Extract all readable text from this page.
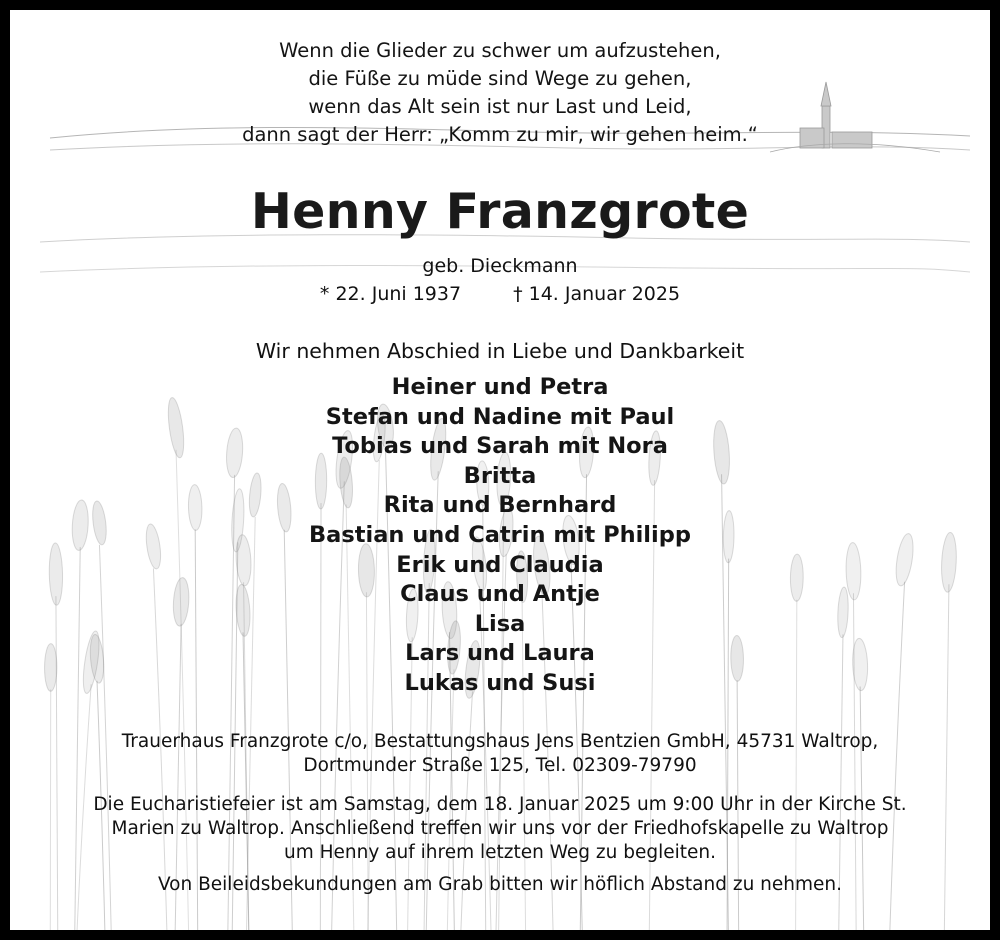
Wenn die Glieder zu schwer um aufzustehen,
die Füße zu müde sind Wege zu gehen,
wenn das Alt sein ist nur Last und Leid,
dann sagt der Herr: „Komm zu mir, wir gehen heim.“
Henny Franzgrote
geb. Dieckmann
* 22. Juni 1937	† 14. Januar 2025
Wir nehmen Abschied in Liebe und Dankbarkeit
Heiner und Petra
Stefan und Nadine mit Paul
Tobias und Sarah mit Nora
Britta
Rita und Bernhard
Bastian und Catrin mit Philipp
Erik und Claudia
Claus und Antje
Lisa
Lars und Laura
Lukas und Susi
Trauerhaus Franzgrote c/o, Bestattungshaus Jens Bentzien GmbH, 45731 Waltrop,
Dortmunder Straße 125, Tel. 02309-79790
Die Eucharistiefeier ist am Samstag, dem 18. Januar 2025 um 9:00 Uhr in der Kirche St.
Marien zu Waltrop. Anschließend treffen wir uns vor der Friedhofskapelle zu Waltrop
um Henny auf ihrem letzten Weg zu begleiten.
Von Beileidsbekundungen am Grab bitten wir höflich Abstand zu nehmen.
